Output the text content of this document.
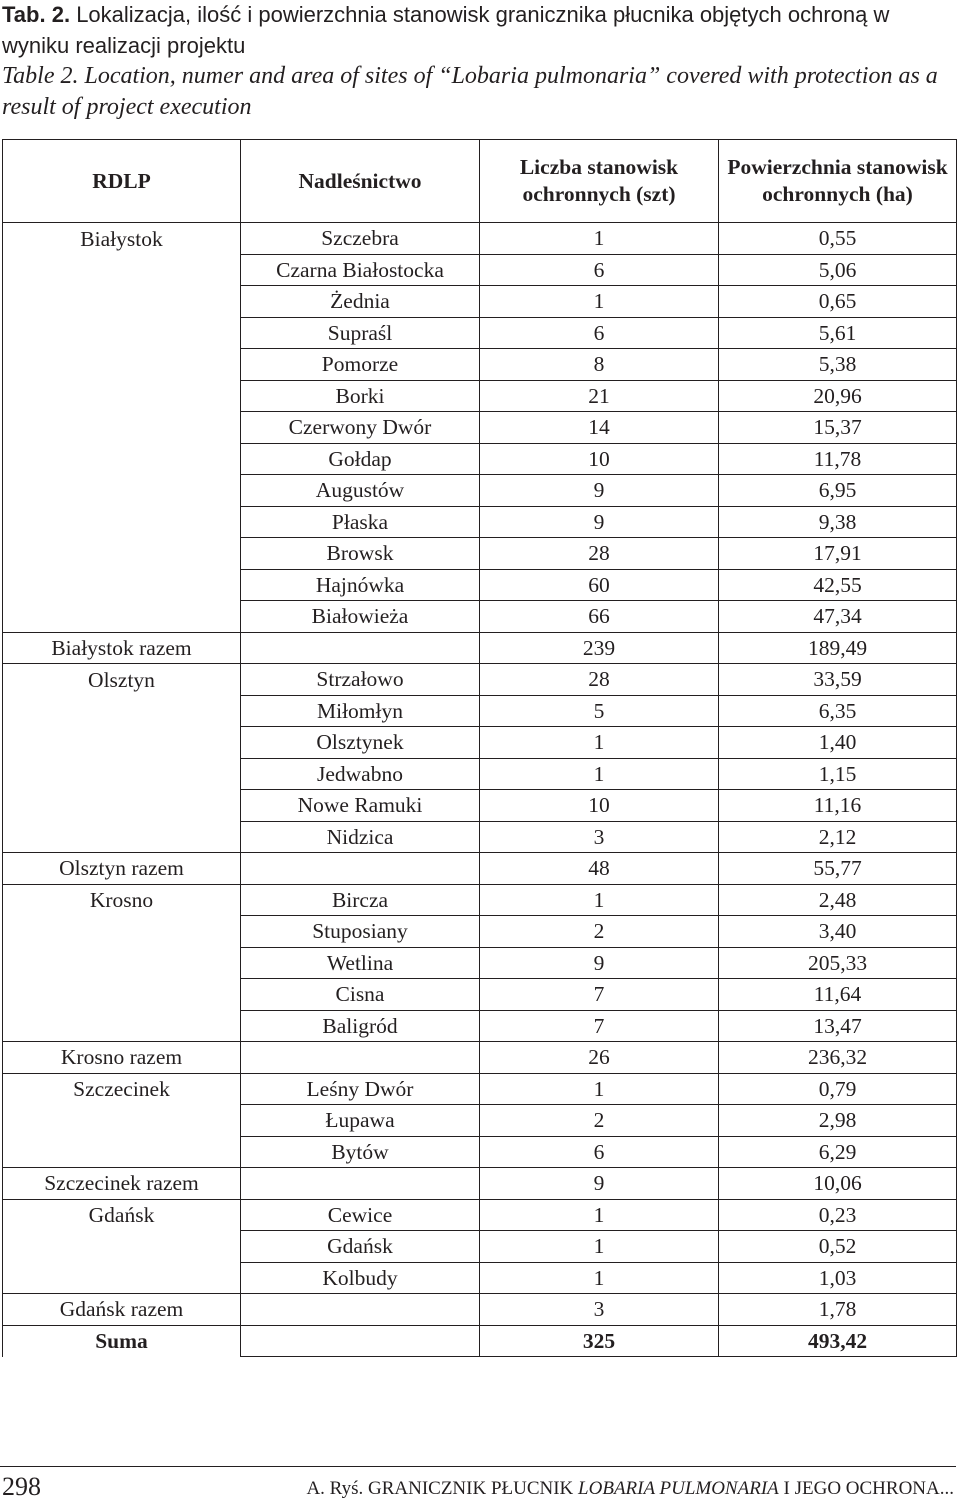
Tab. 2. Lokalizacja, ilość i powierzchnia stanowisk granicznika płucnika objętych ochroną w wyniku realizacji projektu
Table 2. Location, numer and area of sites of “Lobaria pulmonaria” covered with protection as a result of project execution
RDLP	Nadleśnictwo	Liczba stanowisk ochronnych (szt)	Powierzchnia stanowisk ochronnych (ha)
Białystok	Szczebra	1	0,55
	Czarna Białostocka	6	5,06
	Żednia	1	0,65
	Supraśl	6	5,61
	Pomorze	8	5,38
	Borki	21	20,96
	Czerwony Dwór	14	15,37
	Gołdap	10	11,78
	Augustów	9	6,95
	Płaska	9	9,38
	Browsk	28	17,91
	Hajnówka	60	42,55
	Białowieża	66	47,34
Białystok razem		239	189,49
Olsztyn	Strzałowo	28	33,59
	Miłomłyn	5	6,35
	Olsztynek	1	1,40
	Jedwabno	1	1,15
	Nowe Ramuki	10	11,16
	Nidzica	3	2,12
Olsztyn razem		48	55,77
Krosno	Bircza	1	2,48
	Stuposiany	2	3,40
	Wetlina	9	205,33
	Cisna	7	11,64
	Baligród	7	13,47
Krosno razem		26	236,32
Szczecinek	Leśny Dwór	1	0,79
	Łupawa	2	2,98
	Bytów	6	6,29
Szczecinek razem		9	10,06
Gdańsk	Cewice	1	0,23
	Gdańsk	1	0,52
	Kolbudy	1	1,03
Gdańsk razem		3	1,78
Suma		325	493,42
298	A. Ryś. GRANICZNIK PŁUCNIK LOBARIA PULMONARIA I JEGO OCHRONA...
